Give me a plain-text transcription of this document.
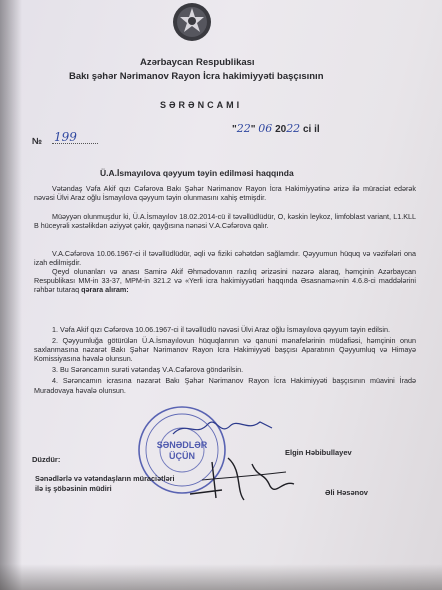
Azərbaycan Respublikası
Bakı şəhər Nərimanov Rayon İcra hakimiyyəti başçısının
SƏRƏNCAMI
№ 199
"22" 06 2022 ci il
Ü.A.İsmayılova qəyyum təyin edilməsi haqqında
Vətəndaş Vəfa Akif qızı Cəfərova Bakı Şəhər Nərimanov Rayon İcra Hakimiyyətinə ərizə ilə müraciət edərək nəvəsi Ülvi Araz oğlu İsmayılova qəyyum təyin olunmasını xahiş etmişdir.
Müəyyən olunmuşdur ki, Ü.A.İsmayılov 18.02.2014-cü il təvəllüdlüdür, O, kəskin leykoz, limfoblast variant, L1.KLL B hüceyrəli xəstəlikdən əziyyət çəkir, qayğısına nənəsi V.A.Cəfərova qalır.
V.A.Cəfərova 10.06.1967-ci il təvəllüdlüdür, əqli və fiziki cəhətdən sağlamdır. Qəyyumun hüquq və vəzifələri ona izah edilmişdir.
Qeyd olunanları və anası Samirə Akif Əhmədovanın razılıq ərizəsini nəzərə alaraq, həmçinin Azərbaycan Respublikası MM-in 33-37, MPM-in 321.2 və «Yerli icra hakimiyyətləri haqqında Əsasnamə»nin 4.6.8-ci maddələrini rəhbər tutaraq qərara alıram:
1. Vəfa Akif qızı Cəfərova 10.06.1967-ci il təvəllüdlü nəvəsi Ülvi Araz oğlu İsmayılova qəyyum təyin edilsin.
2. Qəyyumluğa götürülən Ü.A.İsmayılovun hüquqlarının və qanuni mənafelərinin müdafiəsi, həmçinin onun saxlanmasına nəzarət Bakı Şəhər Nərimanov Rayon İcra Hakimiyyəti başçısı Aparatının Qəyyumluq və Himayə Komissiyasına həvalə olunsun.
3. Bu Sərəncamın surəti vətəndaş V.A.Cəfərova göndərilsin.
4. Sərəncamın icrasına nəzarət Bakı Şəhər Nərimanov Rayon İcra Hakimiyyəti başçısının müavini İradə Muradovaya həvalə olunsun.
SƏNƏDLƏR
ÜÇÜN	Elgin Həbibullayev
Düzdür:
Sənədlərlə və vətəndaşların müraciətləri
ilə iş şöbəsinin müdiri	Əli Həsənov
